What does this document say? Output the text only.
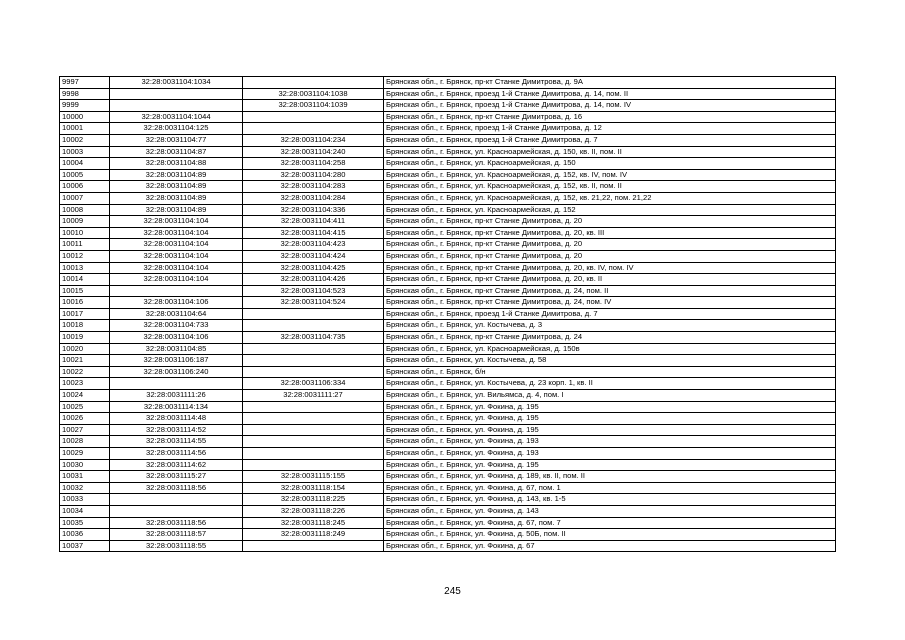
9997	32:28:0031104:1034		Брянская обл., г. Брянск, пр-кт Станке Димитрова, д. 9А
9998		32:28:0031104:1038	Брянская обл., г. Брянск, проезд 1-й Станке Димитрова, д. 14, пом. II
9999		32:28:0031104:1039	Брянская обл., г. Брянск, проезд 1-й Станке Димитрова, д. 14, пом. IV
10000	32:28:0031104:1044		Брянская обл., г. Брянск, пр-кт Станке Димитрова, д. 16
10001	32:28:0031104:125		Брянская обл., г. Брянск, проезд 1-й Станке Димитрова, д. 12
10002	32:28:0031104:77	32:28:0031104:234	Брянская обл., г. Брянск, проезд 1-й Станке Димитрова, д. 7
10003	32:28:0031104:87	32:28:0031104:240	Брянская обл., г. Брянск, ул. Красноармейская, д. 150, кв. II, пом. II
10004	32:28:0031104:88	32:28:0031104:258	Брянская обл., г. Брянск, ул. Красноармейская, д. 150
10005	32:28:0031104:89	32:28:0031104:280	Брянская обл., г. Брянск, ул. Красноармейская, д. 152, кв. IV, пом. IV
10006	32:28:0031104:89	32:28:0031104:283	Брянская обл., г. Брянск, ул. Красноармейская, д. 152, кв. II, пом. II
10007	32:28:0031104:89	32:28:0031104:284	Брянская обл., г. Брянск, ул. Красноармейская, д. 152, кв. 21,22, пом. 21,22
10008	32:28:0031104:89	32:28:0031104:336	Брянская обл., г. Брянск, ул. Красноармейская, д. 152
10009	32:28:0031104:104	32:28:0031104:411	Брянская обл., г. Брянск, пр-кт Станке Димитрова, д. 20
10010	32:28:0031104:104	32:28:0031104:415	Брянская обл., г. Брянск, пр-кт Станке Димитрова, д. 20, кв. III
10011	32:28:0031104:104	32:28:0031104:423	Брянская обл., г. Брянск, пр-кт Станке Димитрова, д. 20
10012	32:28:0031104:104	32:28:0031104:424	Брянская обл., г. Брянск, пр-кт Станке Димитрова, д. 20
10013	32:28:0031104:104	32:28:0031104:425	Брянская обл., г. Брянск, пр-кт Станке Димитрова, д. 20, кв. IV, пом. IV
10014	32:28:0031104:104	32:28:0031104:426	Брянская обл., г. Брянск, пр-кт Станке Димитрова, д. 20, кв. II
10015		32:28:0031104:523	Брянская обл., г. Брянск, пр-кт Станке Димитрова, д. 24, пом. II
10016	32:28:0031104:106	32:28:0031104:524	Брянская обл., г. Брянск, пр-кт Станке Димитрова, д. 24, пом. IV
10017	32:28:0031104:64		Брянская обл., г. Брянск, проезд 1-й Станке Димитрова, д. 7
10018	32:28:0031104:733		Брянская обл., г. Брянск, ул. Костычева, д. 3
10019	32:28:0031104:106	32:28:0031104:735	Брянская обл., г. Брянск, пр-кт Станке Димитрова, д. 24
10020	32:28:0031104:85		Брянская обл., г. Брянск, ул. Красноармейская, д. 150в
10021	32:28:0031106:187		Брянская обл., г. Брянск, ул. Костычева, д. 58
10022	32:28:0031106:240		Брянская обл., г. Брянск, б/н
10023		32:28:0031106:334	Брянская обл., г. Брянск, ул. Костычева, д. 23 корп. 1, кв. II
10024	32:28:0031111:26	32:28:0031111:27	Брянская обл., г. Брянск, ул. Вильямса, д. 4, пом. I
10025	32:28:0031114:134		Брянская обл., г. Брянск, ул. Фокина, д. 195
10026	32:28:0031114:48		Брянская обл., г. Брянск, ул. Фокина, д. 195
10027	32:28:0031114:52		Брянская обл., г. Брянск, ул. Фокина, д. 195
10028	32:28:0031114:55		Брянская обл., г. Брянск, ул. Фокина, д. 193
10029	32:28:0031114:56		Брянская обл., г. Брянск, ул. Фокина, д. 193
10030	32:28:0031114:62		Брянская обл., г. Брянск, ул. Фокина, д. 195
10031	32:28:0031115:27	32:28:0031115:155	Брянская обл., г. Брянск, ул. Фокина, д. 189, кв. II, пом. II
10032	32:28:0031118:56	32:28:0031118:154	Брянская обл., г. Брянск, ул. Фокина, д. 67, пом. 1
10033		32:28:0031118:225	Брянская обл., г. Брянск, ул. Фокина, д. 143, кв. 1-5
10034		32:28:0031118:226	Брянская обл., г. Брянск, ул. Фокина, д. 143
10035	32:28:0031118:56	32:28:0031118:245	Брянская обл., г. Брянск, ул. Фокина, д. 67, пом. 7
10036	32:28:0031118:57	32:28:0031118:249	Брянская обл., г. Брянск, ул. Фокина, д. 50Б, пом. II
10037	32:28:0031118:55		Брянская обл., г. Брянск, ул. Фокина, д. 67
245
